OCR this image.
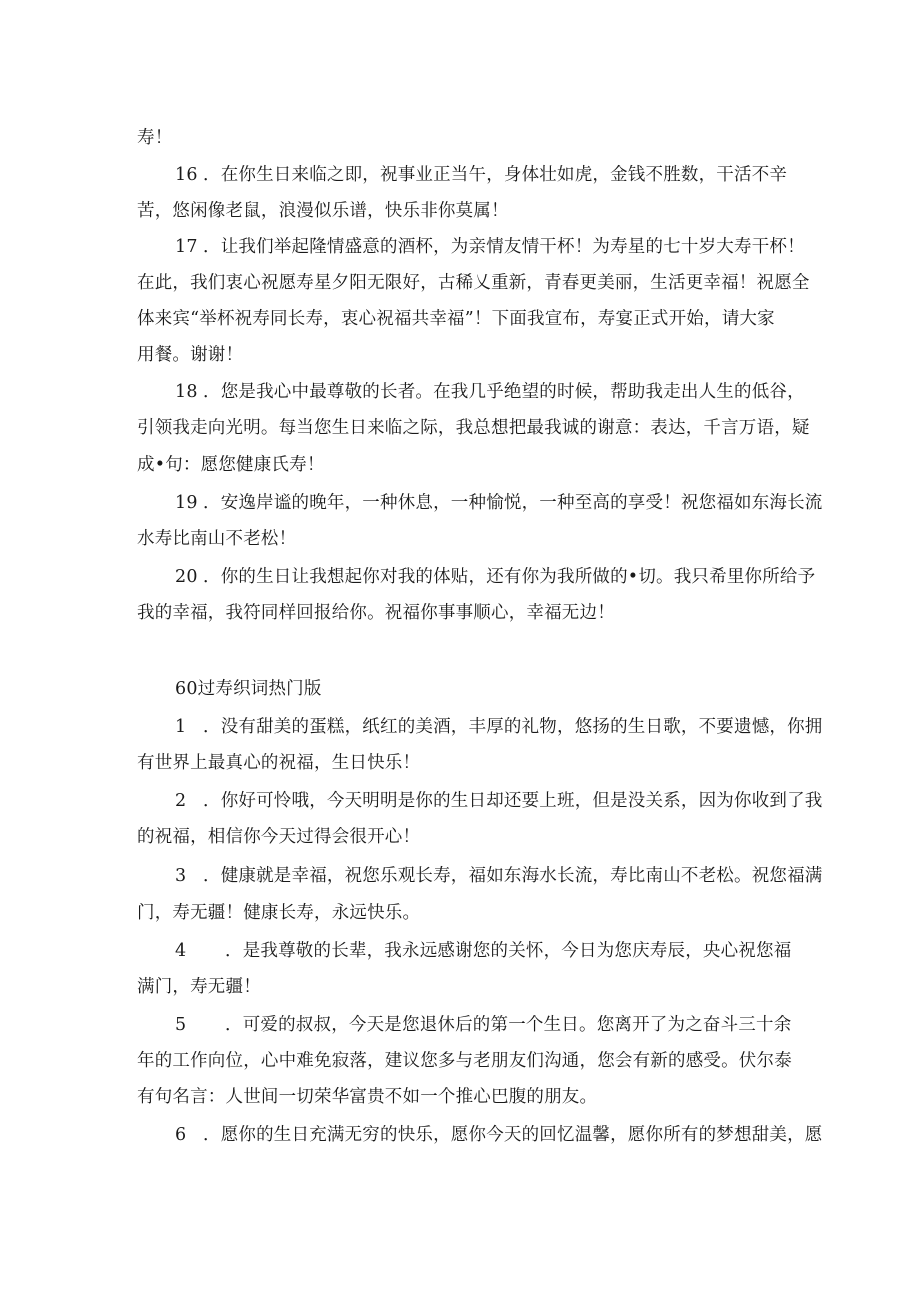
寿！
16 ．在你生日来临之即，祝事业正当午，身体壮如虎，金钱不胜数，干活不辛
苦，悠闲像老鼠，浪漫似乐谱，快乐非你莫属！
17 ．让我们举起隆情盛意的酒杯，为亲情友情干杯！为寿星的七十岁大寿干杯！
在此，我们衷心祝愿寿星夕阳无限好，古稀乂重新，青春更美丽，生活更幸福！祝愿全
体来宾“举杯祝寿同长寿，衷心祝福共幸福”！下面我宣布，寿宴正式开始，请大家
用餐。谢谢！
18 ．您是我心中最尊敬的长者。在我几乎绝望的时候，帮助我走出人生的低谷，
引领我走向光明。每当您生日来临之际，我总想把最我诚的谢意：表达，千言万语，疑
成•句：愿您健康氏寿！
19 ．安逸岸谧的晚年，一种休息，一种愉悦，一种至高的享受！祝您福如东海长流
水寿比南山不老松！
20 ．你的生日让我想起你对我的体贴，还有你为我所做的•切。我只希里你所给予
我的幸福，我符同样回报给你。祝福你事事顺心，幸福无边！
60过寿织词热门版
1 ．没有甜美的蛋糕，纸红的美酒，丰厚的礼物，悠扬的生日歌，不要遗憾，你拥
有世界上最真心的祝福，生日快乐！
2 ．你好可怜哦，今天明明是你的生日却还要上班，但是没关系，因为你收到了我
的祝福，相信你今天过得会很开心！
3 ．健康就是幸福，祝您乐观长寿，福如东海水长流，寿比南山不老松。祝您福满
门，寿无疆！健康长寿，永远快乐。
4 ．是我尊敬的长辈，我永远感谢您的关怀，今日为您庆寿辰，央心祝您福
满门，寿无疆！
5 ．可爱的叔叔，今天是您退休后的第一个生日。您离开了为之奋斗三十余
年的工作向位，心中难免寂落，建议您多与老朋友们沟通，您会有新的感受。伏尔泰
有句名言：人世间一切荣华富贵不如一个推心巴腹的朋友。
6 ．愿你的生日充满无穷的快乐，愿你今天的回忆温馨，愿你所有的梦想甜美，愿
